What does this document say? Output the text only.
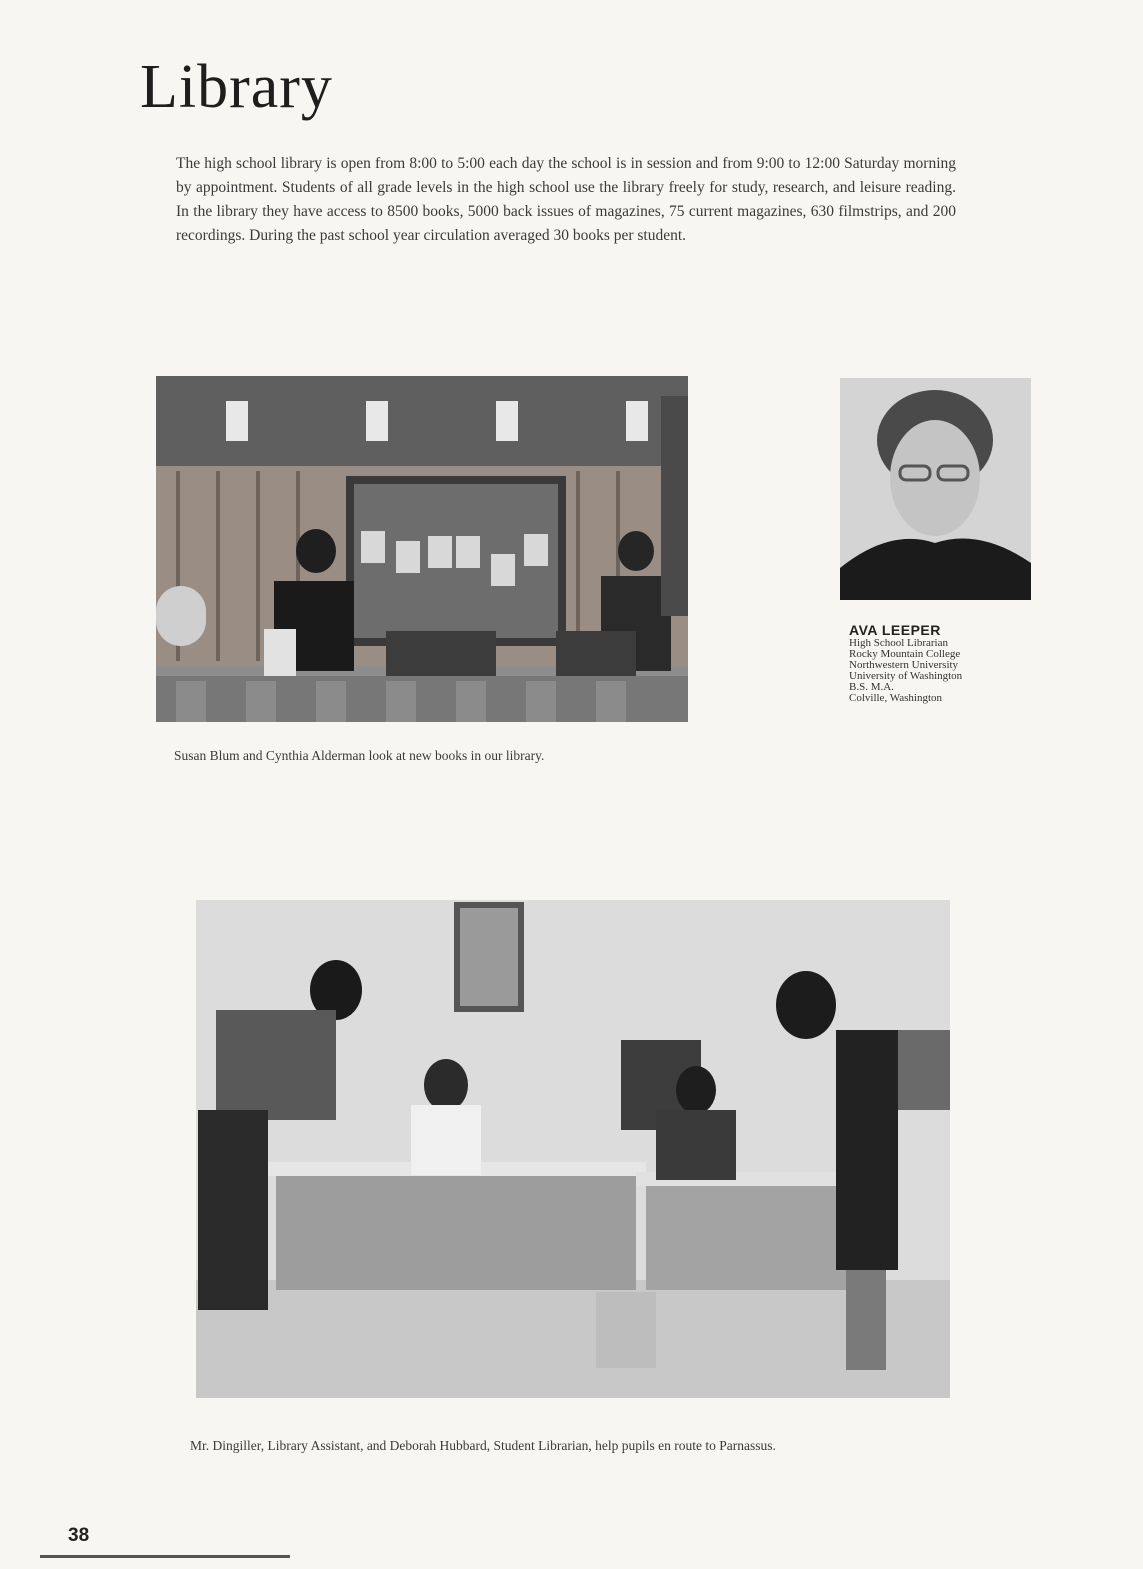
Library

The high school library is open from 8:00 to 5:00 each day the school is in session and from 9:00 to 12:00 Saturday morning by appointment. Students of all grade levels in the high school use the library freely for study, research, and leisure reading. In the library they have access to 8500 books, 5000 back issues of magazines, 75 current magazines, 630 filmstrips, and 200 recordings. During the past school year circulation averaged 30 books per student.

Susan Blum and Cynthia Alderman look at new books in our library.

AVA LEEPER
High School Librarian
Rocky Mountain College
Northwestern University
University of Washington
B.S. M.A.
Colville, Washington

Mr. Dingiller, Library Assistant, and Deborah Hubbard, Student Librarian, help pupils en route to Parnassus.

38
